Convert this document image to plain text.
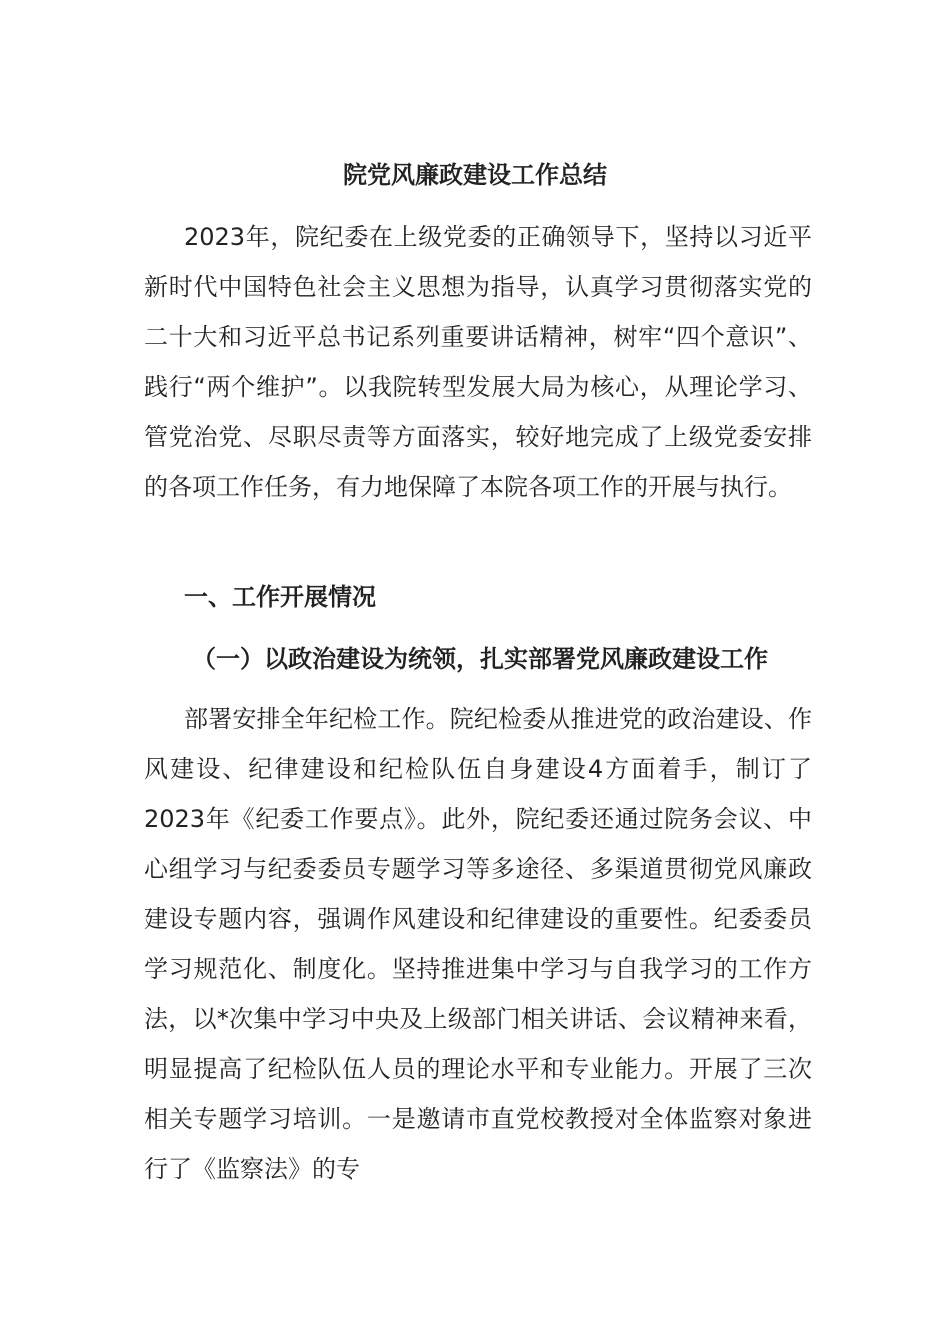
院党风廉政建设工作总结

2023年，院纪委在上级党委的正确领导下，坚持以习近平新时代中国特色社会主义思想为指导，认真学习贯彻落实党的二十大和习近平总书记系列重要讲话精神，树牢“四个意识”、践行“两个维护”。以我院转型发展大局为核心，从理论学习、管党治党、尽职尽责等方面落实，较好地完成了上级党委安排的各项工作任务，有力地保障了本院各项工作的开展与执行。

一、工作开展情况
（一）以政治建设为统领，扎实部署党风廉政建设工作

部署安排全年纪检工作。院纪检委从推进党的政治建设、作风建设、纪律建设和纪检队伍自身建设4方面着手，制订了2023年《纪委工作要点》。此外，院纪委还通过院务会议、中心组学习与纪委委员专题学习等多途径、多渠道贯彻党风廉政建设专题内容，强调作风建设和纪律建设的重要性。纪委委员学习规范化、制度化。坚持推进集中学习与自我学习的工作方法，以*次集中学习中央及上级部门相关讲话、会议精神来看，明显提高了纪检队伍人员的理论水平和专业能力。开展了三次相关专题学习培训。一是邀请市直党校教授对全体监察对象进行了《监察法》的专
